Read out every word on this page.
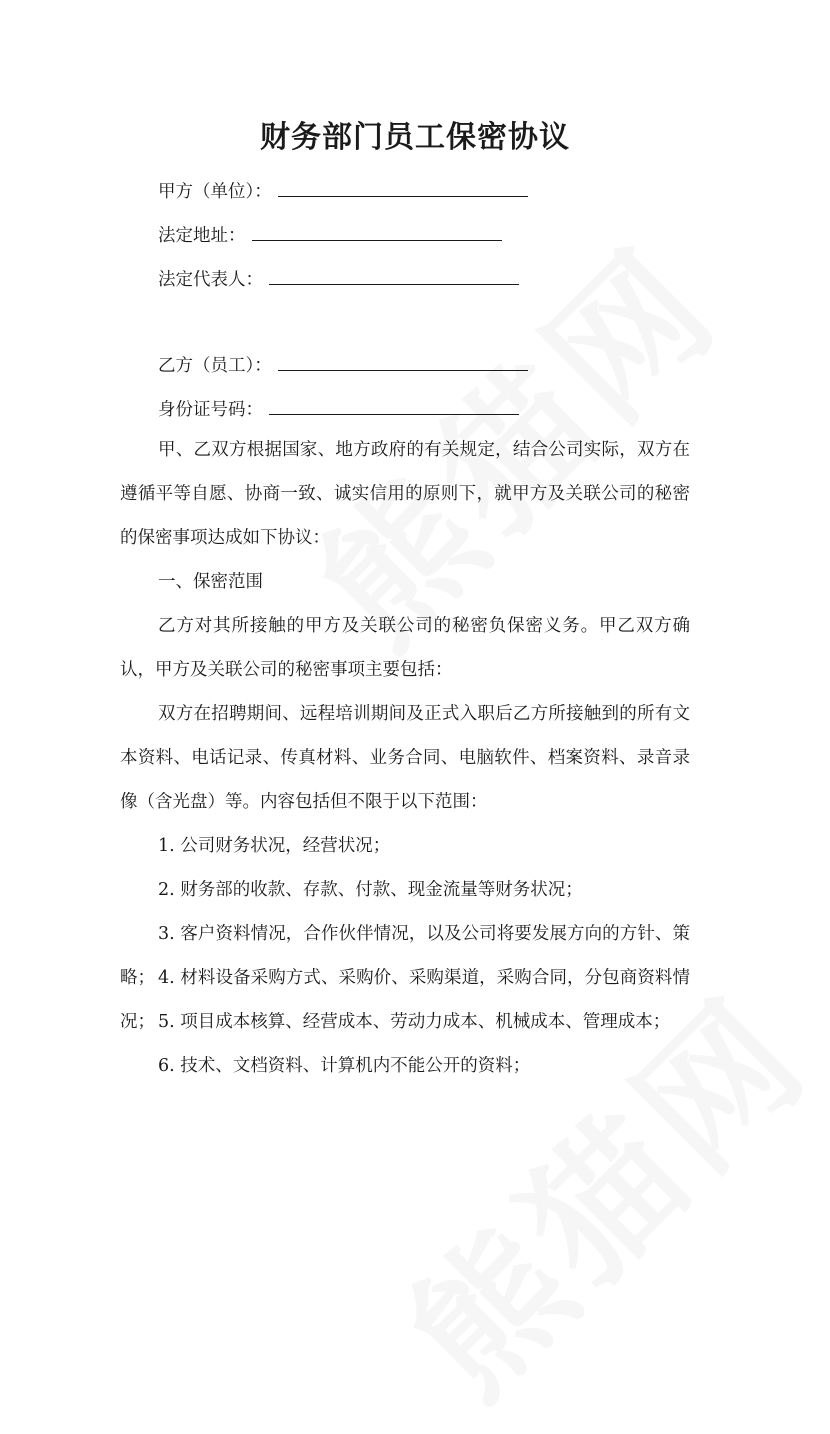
财务部门员工保密协议
甲方（单位）：
法定地址：
法定代表人：
乙方（员工）：
身份证号码：
甲、乙双方根据国家、地方政府的有关规定，结合公司实际，双方在遵循平等自愿、协商一致、诚实信用的原则下，就甲方及关联公司的秘密的保密事项达成如下协议：
一、保密范围
乙方对其所接触的甲方及关联公司的秘密负保密义务。甲乙双方确认，甲方及关联公司的秘密事项主要包括：
双方在招聘期间、远程培训期间及正式入职后乙方所接触到的所有文本资料、电话记录、传真材料、业务合同、电脑软件、档案资料、录音录像（含光盘）等。内容包括但不限于以下范围：
1. 公司财务状况，经营状况；
2. 财务部的收款、存款、付款、现金流量等财务状况；
3. 客户资料情况，合作伙伴情况，以及公司将要发展方向的方针、策略； 4. 材料设备采购方式、采购价、采购渠道，采购合同，分包商资料情况； 5. 项目成本核算、经营成本、劳动力成本、机械成本、管理成本；
6. 技术、文档资料、计算机内不能公开的资料；
